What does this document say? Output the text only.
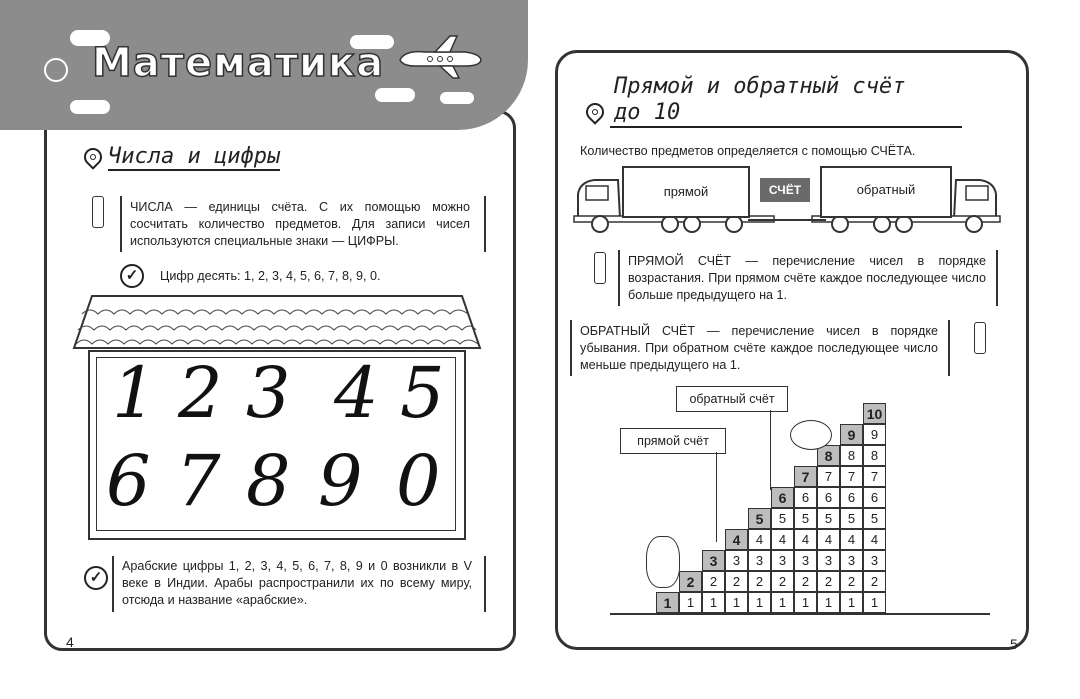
Математика
Числа и цифры
ЧИСЛА — единицы счёта. С их помощью можно сосчитать количество предметов. Для записи чисел используются специальные знаки — ЦИФРЫ.
✓	Цифр десять: 1, 2, 3, 4, 5, 6, 7, 8, 9, 0.
1 2 3 4 5
6 7 8 9 0
✓
Арабские цифры 1, 2, 3, 4, 5, 6, 7, 8, 9 и 0 возникли в V веке в Индии. Арабы распространили их по всему миру, отсюда и название «арабские».
4
Прямой и обратный счёт
до 10
Количество предметов определяется с помощью СЧЁТА.
прямой	СЧЁТ	обратный
ПРЯМОЙ СЧЁТ — перечисление чисел в порядке возрастания. При прямом счёте каждое последующее число больше предыдущего на 1.
ОБРАТНЫЙ СЧЁТ — перечисление чисел в порядке убывания. При обратном счёте каждое последующее число меньше предыдущего на 1.
обратный счёт
прямой счёт
1	1	1	1	1	1	1	1	1	1
2	2	2	2	2	2	2	2	2
3	3	3	3	3	3	3	3
4	4	4	4	4	4	4
5	5	5	5	5	5
6	6	6	6	6
7	7	7	7
8	8	8
9	9
10
5
